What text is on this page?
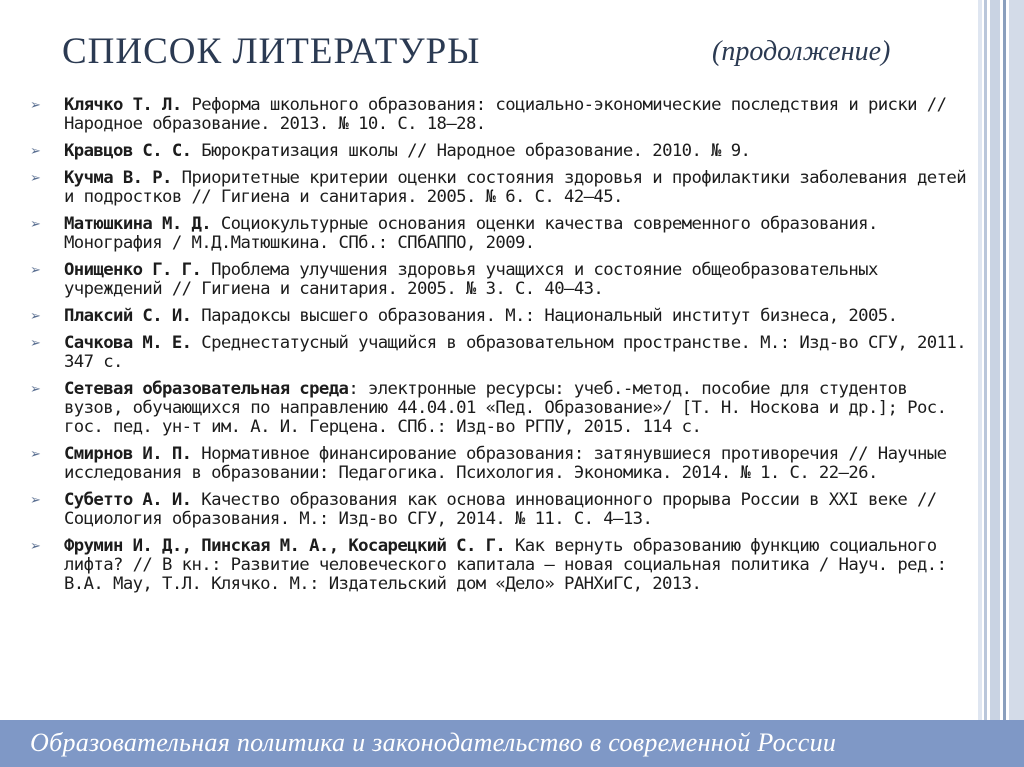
СПИСОК ЛИТЕРАТУРЫ	(продолжение)
➢ Клячко Т. Л. Реформа школьного образования: социально-экономические последствия и риски // Народное образование. 2013. № 10. С. 18–28.
➢ Кравцов С. С. Бюрократизация школы // Народное образование. 2010. № 9.
➢ Кучма В. Р. Приоритетные критерии оценки состояния здоровья и профилактики заболевания детей и подростков // Гигиена и санитария. 2005. № 6. С. 42–45.
➢ Матюшкина М. Д. Социокультурные основания оценки качества современного образования. Монография / М.Д.Матюшкина. СПб.: СПбАППО, 2009.
➢ Онищенко Г. Г. Проблема улучшения здоровья учащихся и состояние общеобразовательных учреждений // Гигиена и санитария. 2005. № 3. С. 40–43.
➢ Плаксий С. И. Парадоксы высшего образования. М.: Национальный институт бизнеса, 2005.
➢ Сачкова М. Е. Среднестатусный учащийся в образовательном пространстве. М.: Изд-во СГУ, 2011. 347 с.
➢ Сетевая образовательная среда: электронные ресурсы: учеб.-метод. пособие для студентов вузов, обучающихся по направлению 44.04.01 «Пед. Образование»/ [Т. Н. Носкова и др.]; Рос. гос. пед. ун-т им. А. И. Герцена. СПб.: Изд-во РГПУ, 2015. 114 с.
➢ Смирнов И. П. Нормативное финансирование образования: затянувшиеся противоречия // Научные исследования в образовании: Педагогика. Психология. Экономика. 2014. № 1. С. 22–26.
➢ Субетто А. И. Качество образования как основа инновационного прорыва России в XXI веке // Социология образования. М.: Изд-во СГУ, 2014. № 11. С. 4–13.
➢ Фрумин И. Д., Пинская М. А., Косарецкий С. Г. Как вернуть образованию функцию социального лифта? // В кн.: Развитие человеческого капитала – новая социальная политика / Науч. ред.: В.А. Мау, Т.Л. Клячко. М.: Издательский дом «Дело» РАНХиГС, 2013.
Образовательная политика и законодательство в современной России
